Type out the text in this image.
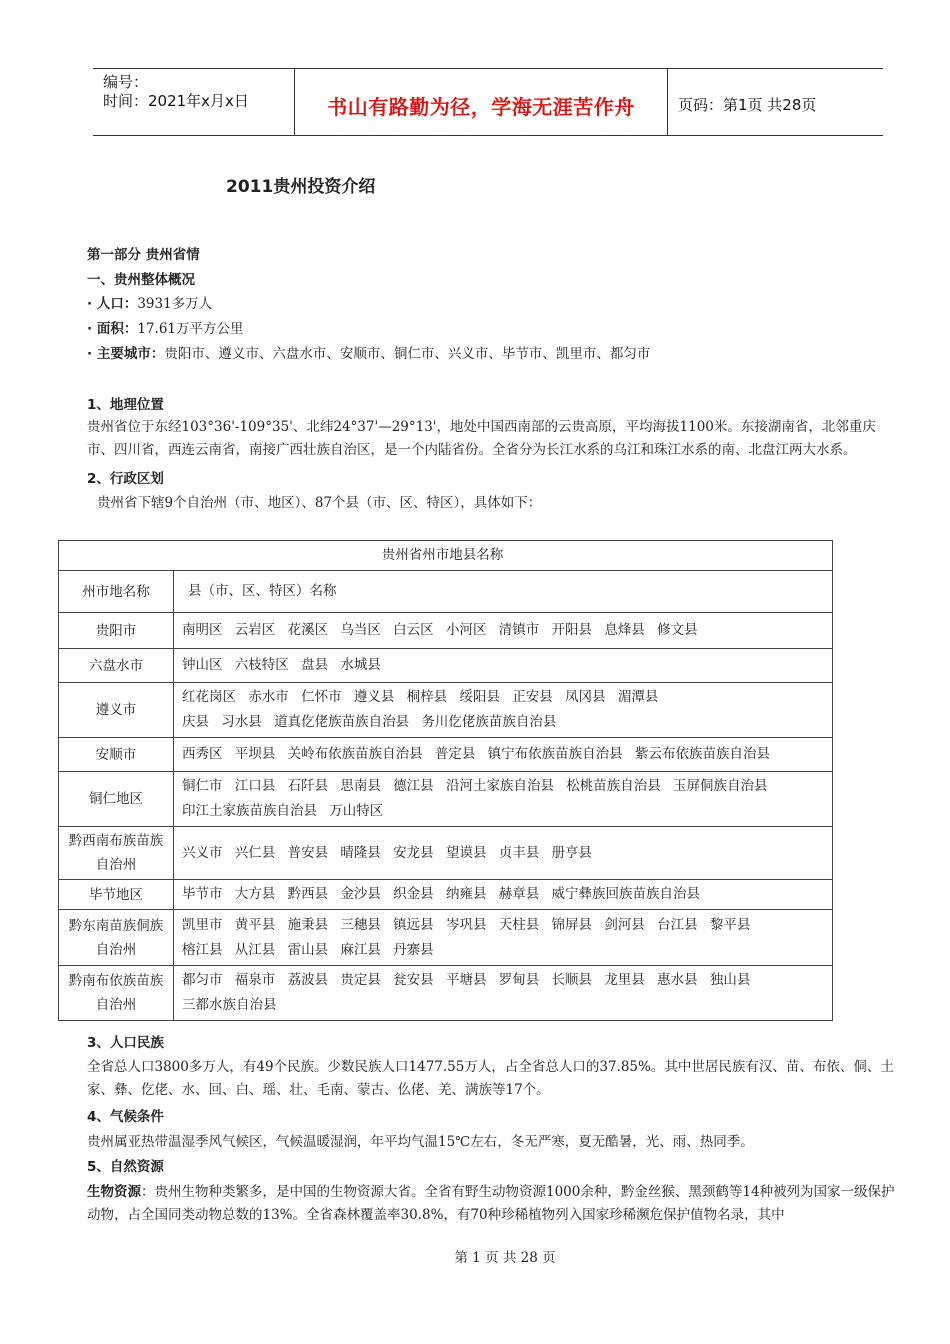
编号：
时间：2021年x月x日	书山有路勤为径，学海无涯苦作舟	页码：第1页 共28页
2011贵州投资介绍
第一部分 贵州省情
一、贵州整体概况
· 人口：3931多万人
· 面积：17.61万平方公里
· 主要城市：贵阳市、遵义市、六盘水市、安顺市、铜仁市、兴义市、毕节市、凯里市、都匀市
1、地理位置
贵州省位于东经103°36'-109°35'、北纬24°37'—29°13'，地处中国西南部的云贵高原，平均海拔1100米。东接湖南省，北邻重庆市、四川省，西连云南省，南接广西壮族自治区，是一个内陆省份。全省分为长江水系的乌江和珠江水系的南、北盘江两大水系。
2、行政区划
贵州省下辖9个自治州（市、地区）、87个县（市、区、特区），具体如下：
贵州省州市地县名称	
州市地名称	县（市、区、特区）名称
贵阳市	南明区 云岩区 花溪区 乌当区 白云区 小河区 清镇市 开阳县 息烽县 修文县

六盘水市	钟山区 六枝特区 盘县 水城县

遵义市	红花岗区 赤水市 仁怀市 遵义县 桐梓县 绥阳县 正安县 凤冈县 湄潭县
庆县 习水县 道真仡佬族苗族自治县 务川仡佬族苗族自治县

安顺市	西秀区 平坝县 关岭布依族苗族自治县 普定县 镇宁布依族苗族自治县 紫云布依族苗族自治县

铜仁地区	铜仁市 江口县 石阡县 思南县 德江县 沿河土家族自治县 松桃苗族自治县 玉屏侗族自治县
印江土家族苗族自治县 万山特区

黔西南布族苗族自治州	兴义市 兴仁县 普安县 晴隆县 安龙县 望谟县 贞丰县 册亨县

毕节地区	毕节市 大方县 黔西县 金沙县 织金县 纳雍县 赫章县 威宁彝族回族苗族自治县

黔东南苗族侗族自治州	凯里市 黄平县 施秉县 三穗县 镇远县 岑巩县 天柱县 锦屏县 剑河县 台江县 黎平县
榕江县 从江县 雷山县 麻江县 丹寨县

黔南布依族苗族自治州	都匀市 福泉市 荔波县 贵定县 瓮安县 平塘县 罗甸县 长顺县 龙里县 惠水县 独山县
三都水族自治县
3、人口民族
全省总人口3800多万人，有49个民族。少数民族人口1477.55万人，占全省总人口的37.85%。其中世居民族有汉、苗、布依、侗、土家、彝、仡佬、水、回、白、瑶、壮、毛南、蒙古、仫佬、羌、满族等17个。
4、气候条件
贵州属亚热带温湿季风气候区，气候温暖湿润，年平均气温15℃左右，冬无严寒，夏无酷暑，光、雨、热同季。
5、自然资源
生物资源：贵州生物种类繁多，是中国的生物资源大省。全省有野生动物资源1000余种，黔金丝猴、黑颈鹤等14种被列为国家一级保护动物，占全国同类动物总数的13%。全省森林覆盖率30.8%，有70种珍稀植物列入国家珍稀濒危保护值物名录，其中
第 1 页 共 28 页
